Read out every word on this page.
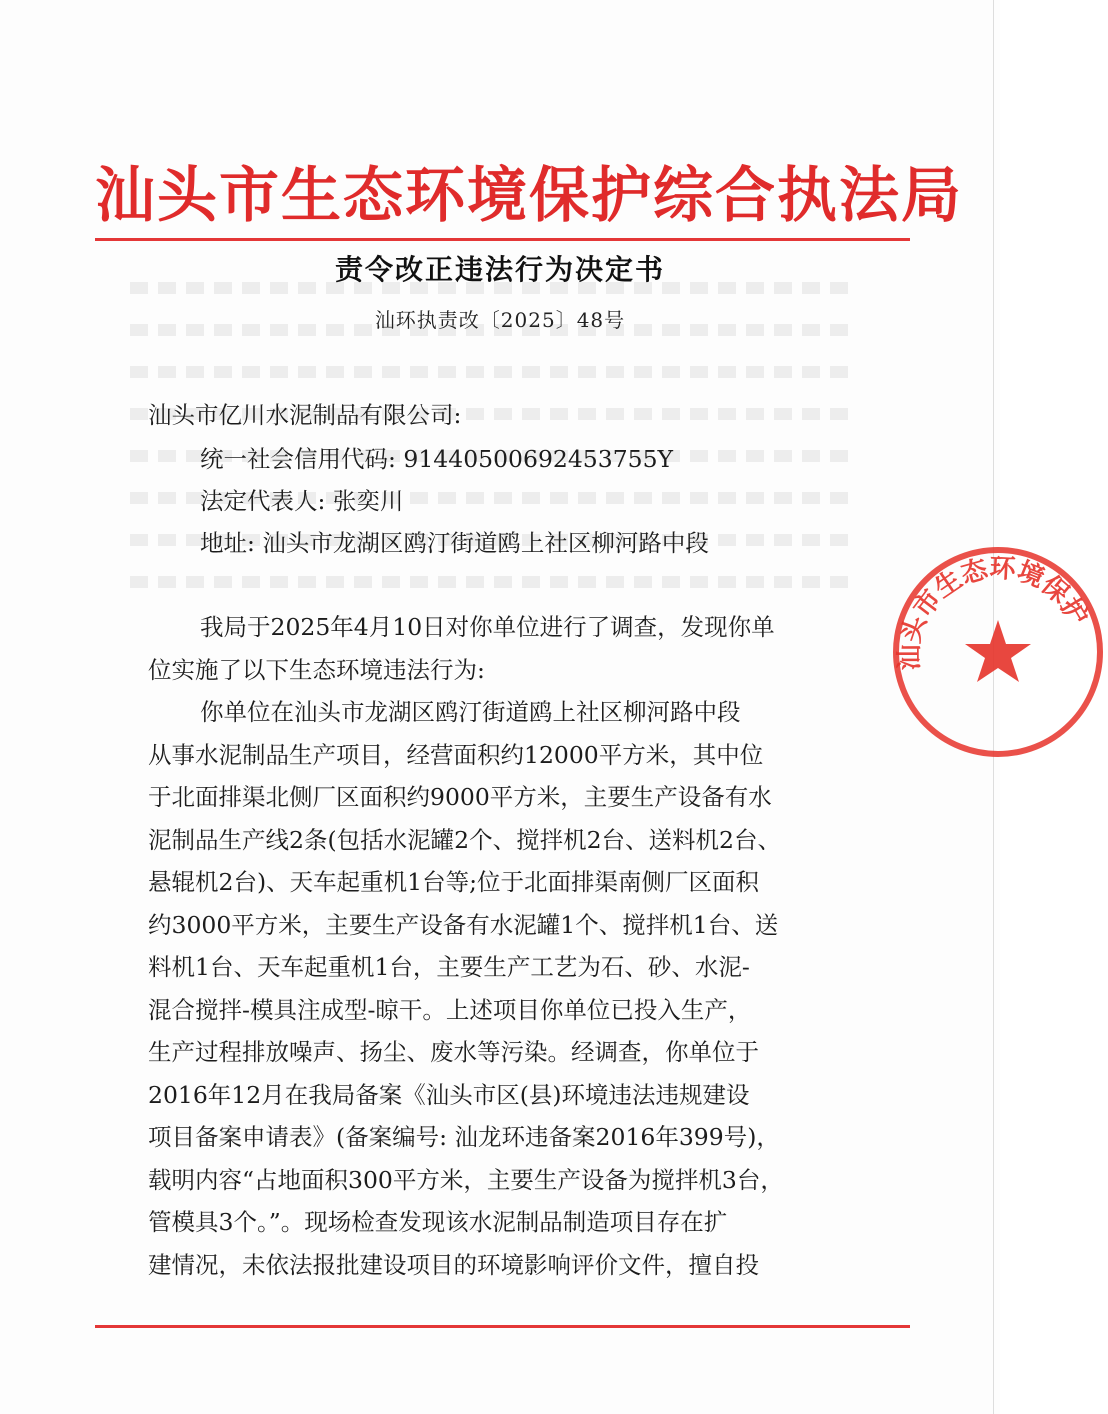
汕头市生态环境保护综合执法局
责令改正违法行为决定书
汕环执责改〔2025〕48号
汕头市亿川水泥制品有限公司:
统一社会信用代码: 91440500692453755Y
法定代表人: 张奕川
地址: 汕头市龙湖区鸥汀街道鸥上社区柳河路中段
我局于2025年4月10日对你单位进行了调查，发现你单
位实施了以下生态环境违法行为:
你单位在汕头市龙湖区鸥汀街道鸥上社区柳河路中段
从事水泥制品生产项目，经营面积约12000平方米，其中位
于北面排渠北侧厂区面积约9000平方米，主要生产设备有水
泥制品生产线2条(包括水泥罐2个、搅拌机2台、送料机2台、
悬辊机2台)、天车起重机1台等;位于北面排渠南侧厂区面积
约3000平方米，主要生产设备有水泥罐1个、搅拌机1台、送
料机1台、天车起重机1台，主要生产工艺为石、砂、水泥-
混合搅拌-模具注成型-晾干。上述项目你单位已投入生产，
生产过程排放噪声、扬尘、废水等污染。经调查，你单位于
2016年12月在我局备案《汕头市区(县)环境违法违规建设
项目备案申请表》(备案编号: 汕龙环违备案2016年399号)，
载明内容“占地面积300平方米，主要生产设备为搅拌机3台，
管模具3个。”。现场检查发现该水泥制品制造项目存在扩
建情况，未依法报批建设项目的环境影响评价文件，擅自投
汕头市生态环境保护
